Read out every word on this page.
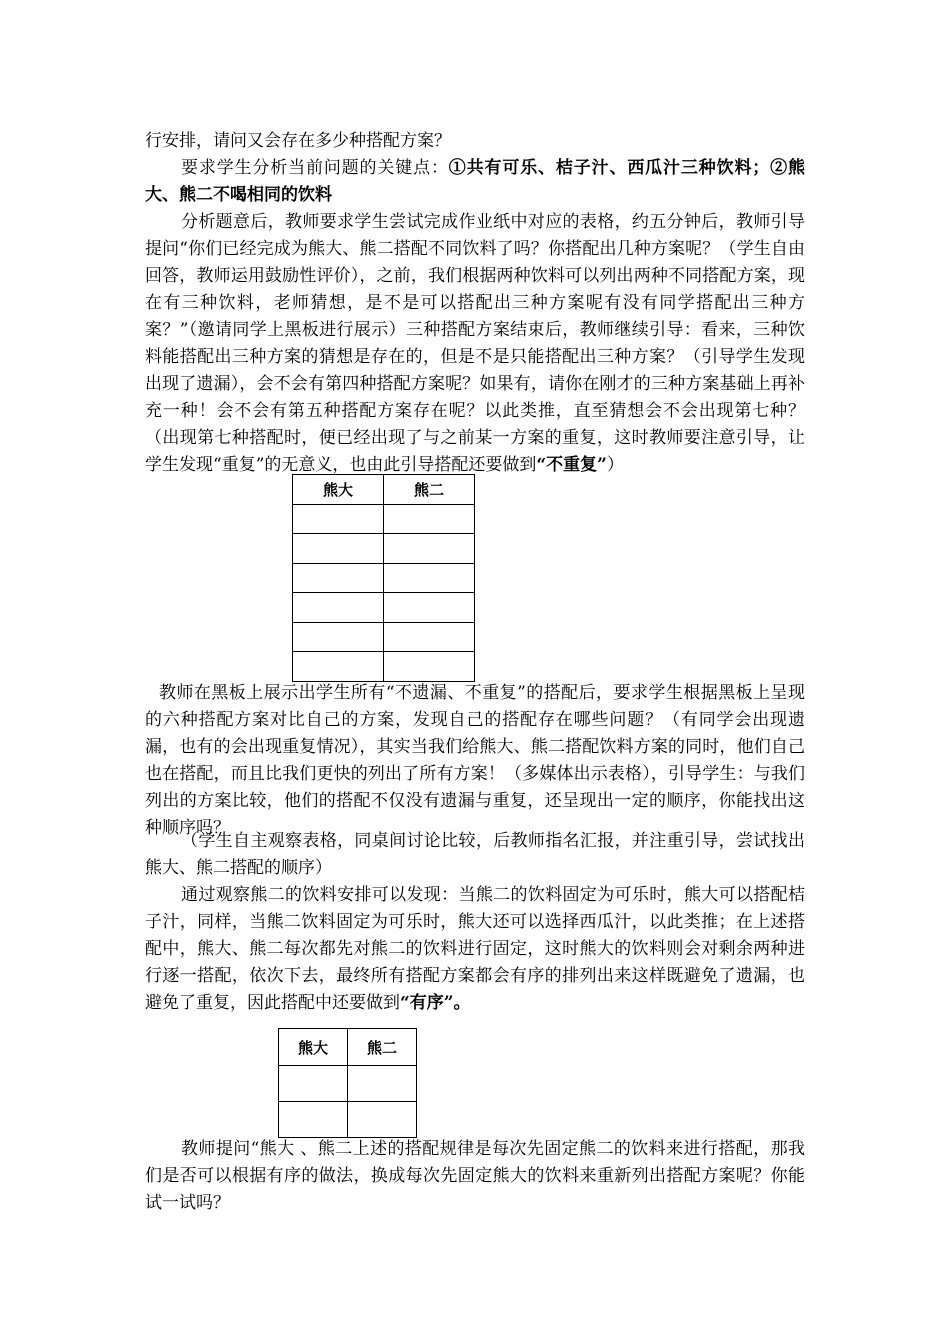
行安排，请问又会存在多少种搭配方案？

要求学生分析当前问题的关键点：①共有可乐、桔子汁、西瓜汁三种饮料；②熊大、熊二不喝相同的饮料

分析题意后，教师要求学生尝试完成作业纸中对应的表格，约五分钟后，教师引导提问“你们已经完成为熊大、熊二搭配不同饮料了吗？你搭配出几种方案呢？（学生自由回答，教师运用鼓励性评价），之前，我们根据两种饮料可以列出两种不同搭配方案，现在有三种饮料，老师猜想，是不是可以搭配出三种方案呢有没有同学搭配出三种方案？”（邀请同学上黑板进行展示）三种搭配方案结束后，教师继续引导：看来，三种饮料能搭配出三种方案的猜想是存在的，但是不是只能搭配出三种方案？（引导学生发现出现了遗漏），会不会有第四种搭配方案呢？如果有，请你在刚才的三种方案基础上再补充一种！会不会有第五种搭配方案存在呢？以此类推，直至猜想会不会出现第七种？（出现第七种搭配时，便已经出现了与之前某一方案的重复，这时教师要注意引导，让学生发现“重复”的无意义，也由此引导搭配还要做到“不重复”）

熊大	熊二

教师在黑板上展示出学生所有“不遗漏、不重复”的搭配后，要求学生根据黑板上呈现的六种搭配方案对比自己的方案，发现自己的搭配存在哪些问题？（有同学会出现遗漏，也有的会出现重复情况），其实当我们给熊大、熊二搭配饮料方案的同时，他们自己也在搭配，而且比我们更快的列出了所有方案！（多媒体出示表格），引导学生：与我们列出的方案比较，他们的搭配不仅没有遗漏与重复，还呈现出一定的顺序，你能找出这种顺序吗？

（学生自主观察表格，同桌间讨论比较，后教师指名汇报，并注重引导，尝试找出熊大、熊二搭配的顺序）

通过观察熊二的饮料安排可以发现：当熊二的饮料固定为可乐时，熊大可以搭配桔子汁，同样，当熊二饮料固定为可乐时，熊大还可以选择西瓜汁，以此类推；在上述搭配中，熊大、熊二每次都先对熊二的饮料进行固定，这时熊大的饮料则会对剩余两种进行逐一搭配，依次下去，最终所有搭配方案都会有序的排列出来这样既避免了遗漏，也避免了重复，因此搭配中还要做到“有序”。

熊大	熊二

教师提问“熊大 、熊二上述的搭配规律是每次先固定熊二的饮料来进行搭配，那我们是否可以根据有序的做法，换成每次先固定熊大的饮料来重新列出搭配方案呢？你能试一试吗？
